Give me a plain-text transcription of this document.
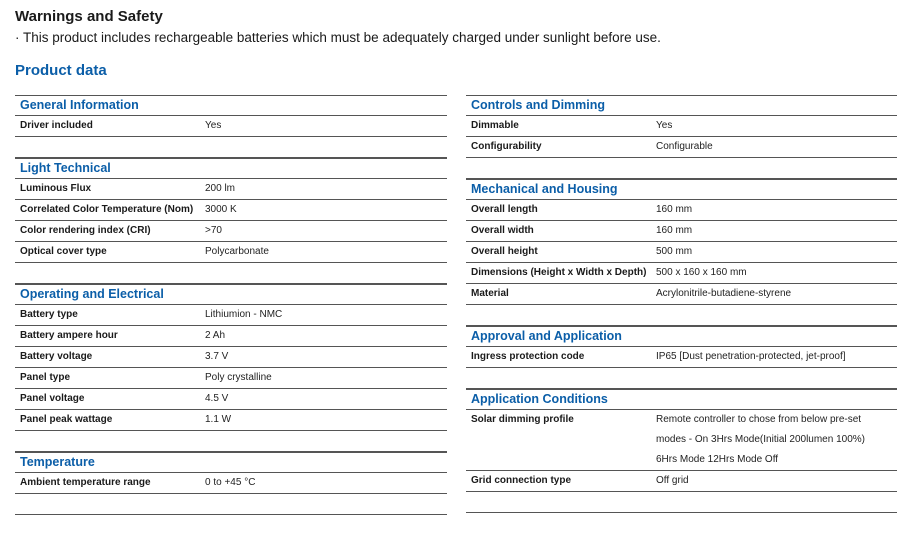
Warnings and Safety
· This product includes rechargeable batteries which must be adequately charged under sunlight before use.
Product data
General Information
Driver included	Yes
Light Technical
Luminous Flux	200 lm
Correlated Color Temperature (Nom) 3000 K
Color rendering index (CRI)	>70
Optical cover type	Polycarbonate
Operating and Electrical
Battery type	Lithiumion - NMC
Battery ampere hour	2 Ah
Battery voltage	3.7 V
Panel type	Poly crystalline
Panel voltage	4.5 V
Panel peak wattage	1.1 W
Temperature
Ambient temperature range	0 to +45 °C
Controls and Dimming
Dimmable	Yes
Configurability	Configurable
Mechanical and Housing
Overall length	160 mm
Overall width	160 mm
Overall height	500 mm
Dimensions (Height x Width x Depth) 500 x 160 x 160 mm
Material	Acrylonitrile-butadiene-styrene
Approval and Application
Ingress protection code	IP65 [Dust penetration-protected, jet-proof]
Application Conditions
Solar dimming profile	Remote controller to chose from below pre-set
modes - On 3Hrs Mode(Initial 200lumen 100%)
6Hrs Mode 12Hrs Mode Off
Grid connection type	Off grid
